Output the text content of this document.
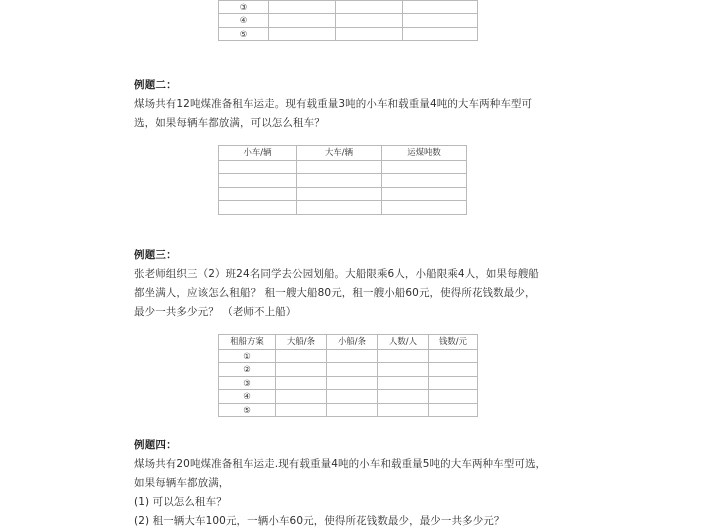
③			
④			
⑤			
例题二：
煤场共有12吨煤准备租车运走。现有载重量3吨的小车和载重量4吨的大车两种车型可
选，如果每辆车都放满，可以怎么租车？
小车/辆	大车/辆	运煤吨数

例题三：
张老师组织三（2）班24名同学去公园划船。大船限乘6人，小船限乘4人，如果每艘船
都坐满人，应该怎么租船？ 租一艘大船80元，租一艘小船60元，使得所花钱数最少，
最少一共多少元？ （老师不上船）
租船方案	大船/条	小船/条	人数/人	钱数/元
①				
②				
③				
④				
⑤				
例题四：
煤场共有20吨煤准备租车运走.现有载重量4吨的小车和载重量5吨的大车两种车型可选，
如果每辆车都放满，
(1) 可以怎么租车？
(2) 租一辆大车100元，一辆小车60元，使得所花钱数最少，最少一共多少元？
